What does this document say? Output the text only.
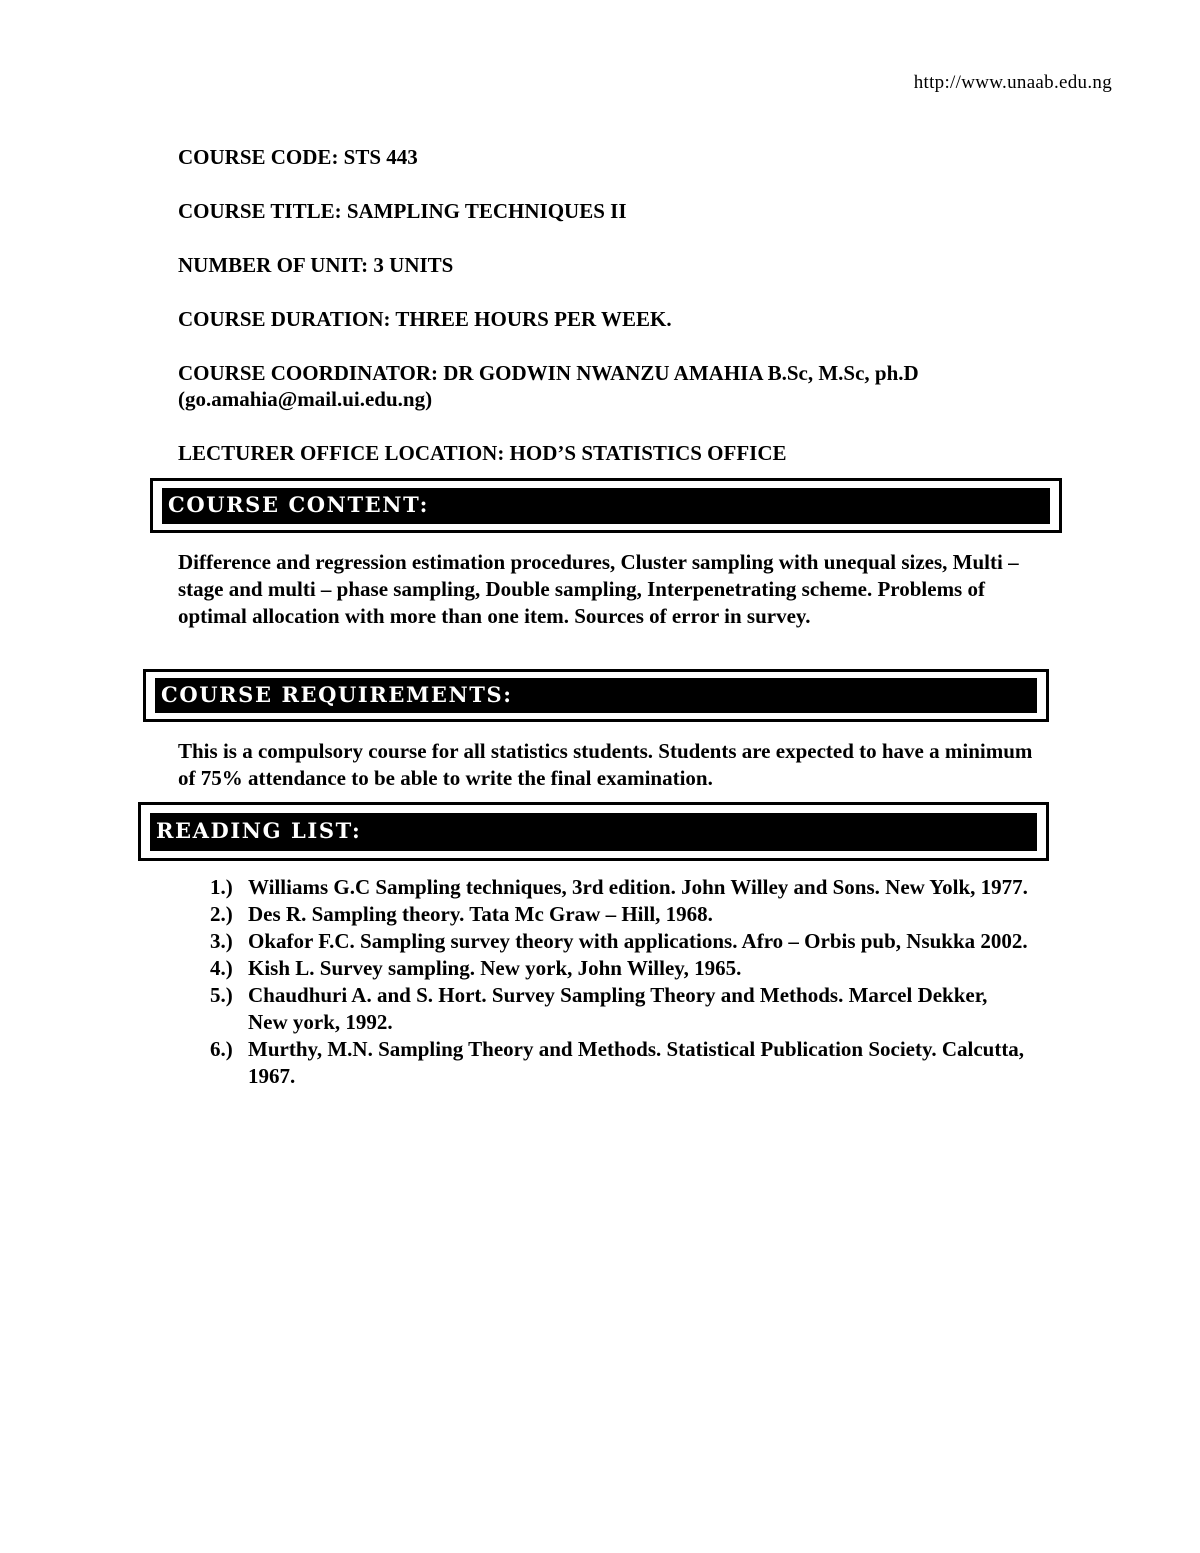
http://www.unaab.edu.ng
COURSE CODE: STS 443
COURSE TITLE: SAMPLING TECHNIQUES II
NUMBER OF UNIT: 3 UNITS
COURSE DURATION: THREE HOURS PER WEEK.
COURSE COORDINATOR: DR GODWIN NWANZU AMAHIA B.Sc, M.Sc, ph.D
(go.amahia@mail.ui.edu.ng)
LECTURER OFFICE LOCATION: HOD’S STATISTICS OFFICE
COURSE CONTENT:
Difference and regression estimation procedures, Cluster sampling with unequal sizes, Multi – stage and multi – phase sampling, Double sampling, Interpenetrating scheme. Problems of optimal allocation with more than one item. Sources of error in survey.
COURSE REQUIREMENTS:
This is a compulsory course for all statistics students. Students are expected to have a minimum of 75% attendance to be able to write the final examination.
READING LIST:
1.) Williams G.C Sampling techniques, 3rd edition. John Willey and Sons. New Yolk, 1977.
2.) Des R. Sampling theory. Tata Mc Graw – Hill, 1968.
3.) Okafor F.C. Sampling survey theory with applications. Afro – Orbis pub, Nsukka 2002.
4.) Kish L. Survey sampling. New york, John Willey, 1965.
5.) Chaudhuri A. and S. Hort. Survey Sampling Theory and Methods. Marcel Dekker, New york, 1992.
6.) Murthy, M.N. Sampling Theory and Methods. Statistical Publication Society. Calcutta, 1967.
